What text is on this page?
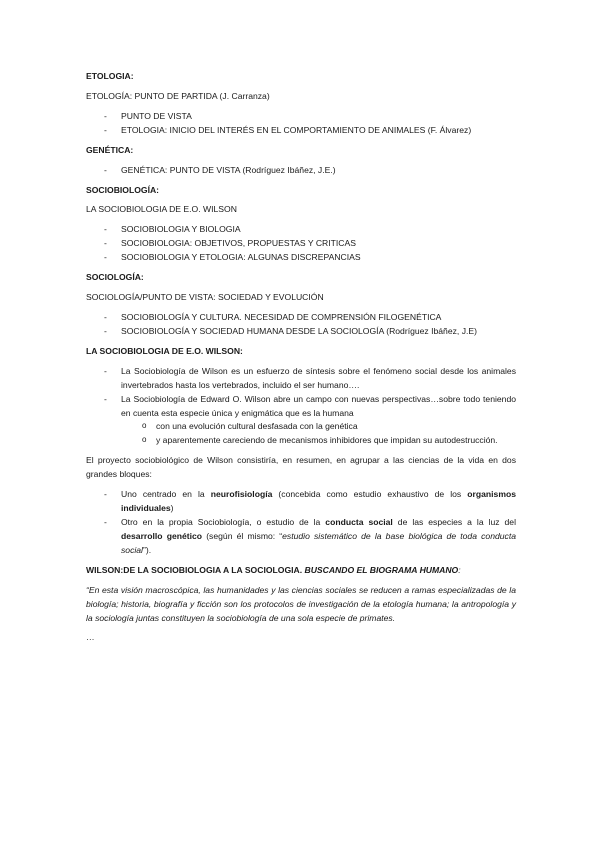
ETOLOGIA:
ETOLOGÍA: PUNTO DE PARTIDA (J. Carranza)
- PUNTO DE VISTA
- ETOLOGIA: INICIO DEL INTERÉS EN EL COMPORTAMIENTO DE ANIMALES (F. Álvarez)
GENÉTICA:
- GENÉTICA: PUNTO DE VISTA (Rodríguez Ibáñez, J.E.)
SOCIOBIOLOGÍA:
LA SOCIOBIOLOGIA DE E.O. WILSON
- SOCIOBIOLOGIA Y BIOLOGIA
- SOCIOBIOLOGIA: OBJETIVOS, PROPUESTAS Y CRITICAS
- SOCIOBIOLOGIA Y ETOLOGIA: ALGUNAS DISCREPANCIAS
SOCIOLOGÍA:
SOCIOLOGÍA/PUNTO DE VISTA: SOCIEDAD Y EVOLUCIÓN
- SOCIOBIOLOGÍA Y CULTURA. NECESIDAD DE COMPRENSIÓN FILOGENÉTICA
- SOCIOBIOLOGÍA Y SOCIEDAD HUMANA DESDE LA SOCIOLOGÍA (Rodríguez Ibáñez, J.E)
LA SOCIOBIOLOGIA DE E.O. WILSON:
- La Sociobiología de Wilson es un esfuerzo de síntesis sobre el fenómeno social desde los animales invertebrados hasta los vertebrados, incluido el ser humano….
- La Sociobiología de Edward O. Wilson abre un campo con nuevas perspectivas…sobre todo teniendo en cuenta esta especie única y enigmática que es la humana
o con una evolución cultural desfasada con la genética
o y aparentemente careciendo de mecanismos inhibidores que impidan su autodestrucción.
El proyecto sociobiológico de Wilson consistiría, en resumen, en agrupar a las ciencias de la vida en dos grandes bloques:
- Uno centrado en la neurofisiología (concebida como estudio exhaustivo de los organismos individuales)
- Otro en la propia Sociobiología, o estudio de la conducta social de las especies a la luz del desarrollo genético (según él mismo: “estudio sistemático de la base biológica de toda conducta social”).
WILSON:DE LA SOCIOBIOLOGIA A LA SOCIOLOGIA. BUSCANDO EL BIOGRAMA HUMANO:
“En esta visión macroscópica, las humanidades y las ciencias sociales se reducen a ramas especializadas de la biología; historia, biografía y ficción son los protocolos de investigación de la etología humana; la antropología y la sociología juntas constituyen la sociobiología de una sola especie de primates.
…
